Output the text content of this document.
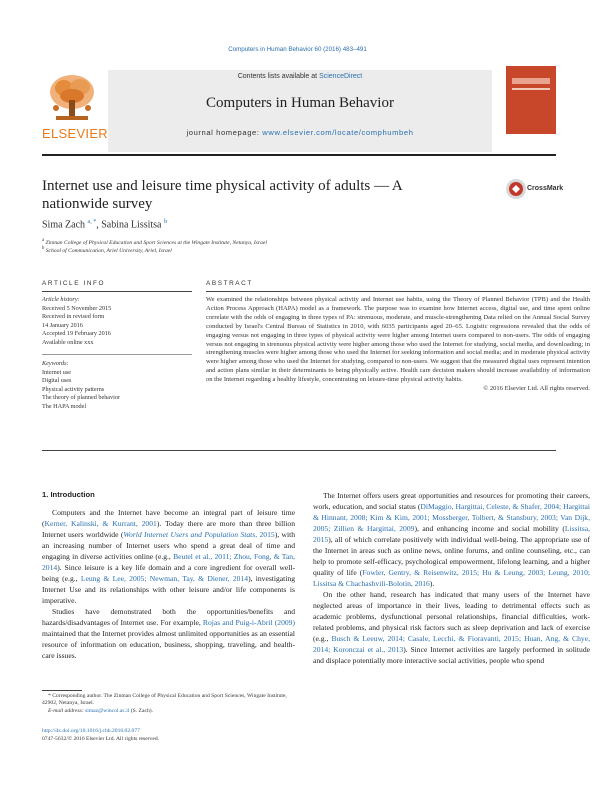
Computers in Human Behavior 60 (2016) 483–491
ELSEVIER
Contents lists available at ScienceDirect
Computers in Human Behavior
journal homepage: www.elsevier.com/locate/comphumbeh
Internet use and leisure time physical activity of adults — A nationwide survey
CrossMark
Sima Zach $^{a, *}$, Sabina Lissitsa $^b$
$^a$ Zinman College of Physical Education and Sport Sciences at the Wingate Institute, Netanya, Israel
$^b$ School of Communication, Ariel University, Ariel, Israel
ARTICLE INFO	ABSTRACT
Article history:
Received 5 November 2015
Received in revised form
14 January 2016
Accepted 19 February 2016
Available online xxx
Keywords:
Internet use
Digital uses
Physical activity patterns
The theory of planned behavior
The HAPA model
We examined the relationships between physical activity and Internet use habits, using the Theory of Planned Behavior (TPB) and the Health Action Process Approach (HAPA) model as a framework. The purpose was to examine how Internet access, digital use, and time spent online correlate with the odds of engaging in three types of PA: strenuous, moderate, and muscle-strengthening Data relied on the Annual Social Survey conducted by Israel's Central Bureau of Statistics in 2010, with 6035 participants aged 20–65. Logistic regressions revealed that the odds of engaging versus not engaging in three types of physical activity were higher among Internet users compared to non-users. The odds of engaging versus not engaging in strenuous physical activity were higher among those who used the Internet for studying, social media, and downloading; in strengthening muscles were higher among those who used the Internet for seeking information and social media; and in moderate physical activity were higher among those who used the Internet for studying, compared to non-users. We suggest that the measured digital uses represent intention and action plans similar in their determinants to being physically active. Health care decision makers should increase availability of information on the Internet regarding a healthy lifestyle, concentrating on leisure-time physical activity habits.
© 2016 Elsevier Ltd. All rights reserved.
1. Introduction

Computers and the Internet have become an integral part of leisure time (Kerner, Kalinski, & Kurrant, 2001). Today there are more than three billion Internet users worldwide (World Internet Users and Population Stats, 2015), with an increasing number of Internet users who spend a great deal of time and engaging in diverse activities online (e.g., Beutel et al., 2011; Zhou, Fong, & Tan, 2014). Since leisure is a key life domain and a core ingredient for overall well-being (e.g., Leung & Lee, 2005; Newman, Tay, & Diener, 2014), investigating Internet Use and its relationships with other leisure and/or life components is imperative.

Studies have demonstrated both the opportunities/benefits and hazards/disadvantages of Internet use. For example, Rojas and Puig-i-Abril (2009) maintained that the Internet provides almost unlimited opportunities as an essential resource of information on education, business, shopping, traveling, and health-care issues.

The Internet offers users great opportunities and resources for promoting their careers, work, education, and social status (DiMaggio, Hargittai, Celeste, & Shafer, 2004; Hargittai & Hinnant, 2008; Kim & Kim, 2001; Mossberger, Tolbert, & Stansbury, 2003; Van Dijk, 2005; Zillien & Hargittai, 2009), and enhancing income and social mobility (Lissitsa, 2015), all of which correlate positively with individual well-being. The appropriate use of the Internet in areas such as online news, online forums, and online counseling, etc., can help to promote self-efficacy, psychological empowerment, lifelong learning, and a higher quality of life (Fowler, Gentry, & Reisenwitz, 2015; Hu & Leung, 2003; Leung, 2010; Lissitsa & Chachashvili-Bolotin, 2016).

On the other hand, research has indicated that many users of the Internet have neglected areas of importance in their lives, leading to detrimental effects such as academic problems, dysfunctional personal relationships, financial difficulties, work-related problems, and physical risk factors such as sleep deprivation and lack of exercise (e.g., Busch & Leeuw, 2014; Casale, Lecchi, & Fioravanti, 2015; Huan, Ang, & Chye, 2014; Koronczai et al., 2013). Since Internet activities are largely performed in solitude and displace potentially more interactive social activities, people who spend

* Corresponding author. The Zinman College of Physical Education and Sport Sciences, Wingate Institute, 42902, Netanya, Israel.
E-mail address: simaz@wincol.ac.il (S. Zach).
http://dx.doi.org/10.1016/j.chb.2016.02.077
0747-5632/© 2016 Elsevier Ltd. All rights reserved.
